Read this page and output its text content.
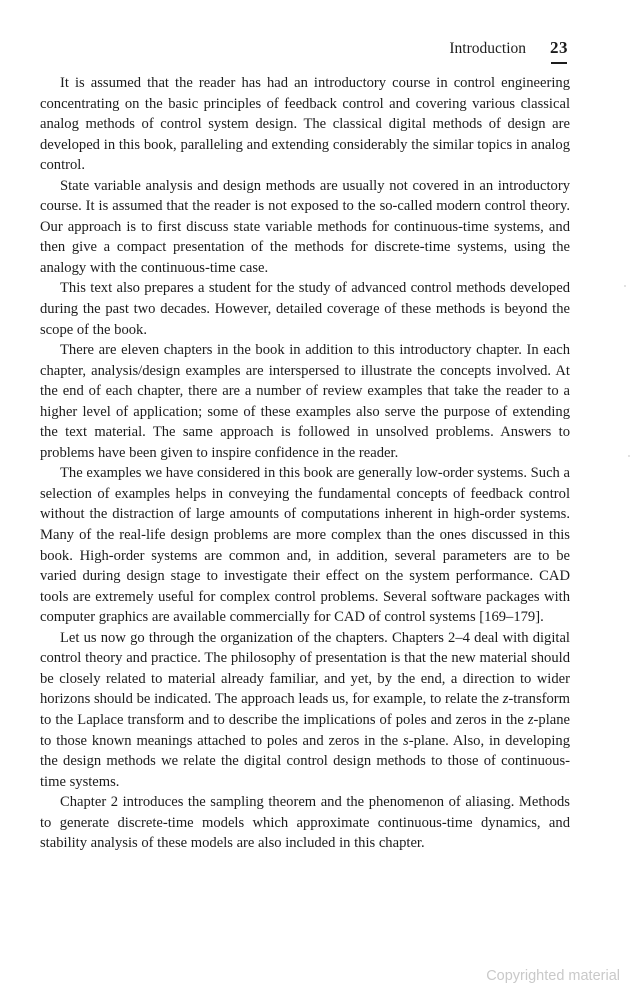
Introduction 23

It is assumed that the reader has had an introductory course in control engineering concentrating on the basic principles of feedback control and covering various classical analog methods of control system design. The classical digital methods of design are developed in this book, paralleling and extending considerably the similar topics in analog control.

State variable analysis and design methods are usually not covered in an introductory course. It is assumed that the reader is not exposed to the so-called modern control theory. Our approach is to first discuss state variable methods for continuous-time systems, and then give a compact presentation of the methods for discrete-time systems, using the analogy with the continuous-time case.

This text also prepares a student for the study of advanced control methods developed during the past two decades. However, detailed coverage of these methods is beyond the scope of the book.

There are eleven chapters in the book in addition to this introductory chapter. In each chapter, analysis/design examples are interspersed to illustrate the concepts involved. At the end of each chapter, there are a number of review examples that take the reader to a higher level of application; some of these examples also serve the purpose of extending the text material. The same approach is followed in unsolved problems. Answers to problems have been given to inspire confidence in the reader.

The examples we have considered in this book are generally low-order systems. Such a selection of examples helps in conveying the fundamental concepts of feedback control without the distraction of large amounts of computations inherent in high-order systems. Many of the real-life design problems are more complex than the ones discussed in this book. High-order systems are common and, in addition, several parameters are to be varied during design stage to investigate their effect on the system performance. CAD tools are extremely useful for complex control problems. Several software packages with computer graphics are available commercially for CAD of control systems [169–179].

Let us now go through the organization of the chapters. Chapters 2–4 deal with digital control theory and practice. The philosophy of presentation is that the new material should be closely related to material already familiar, and yet, by the end, a direction to wider horizons should be indicated. The approach leads us, for example, to relate the z-transform to the Laplace transform and to describe the implications of poles and zeros in the z-plane to those known meanings attached to poles and zeros in the s-plane. Also, in developing the design methods we relate the digital control design methods to those of continuous-time systems.

Chapter 2 introduces the sampling theorem and the phenomenon of aliasing. Methods to generate discrete-time models which approximate continuous-time dynamics, and stability analysis of these models are also included in this chapter.

Copyrighted material
